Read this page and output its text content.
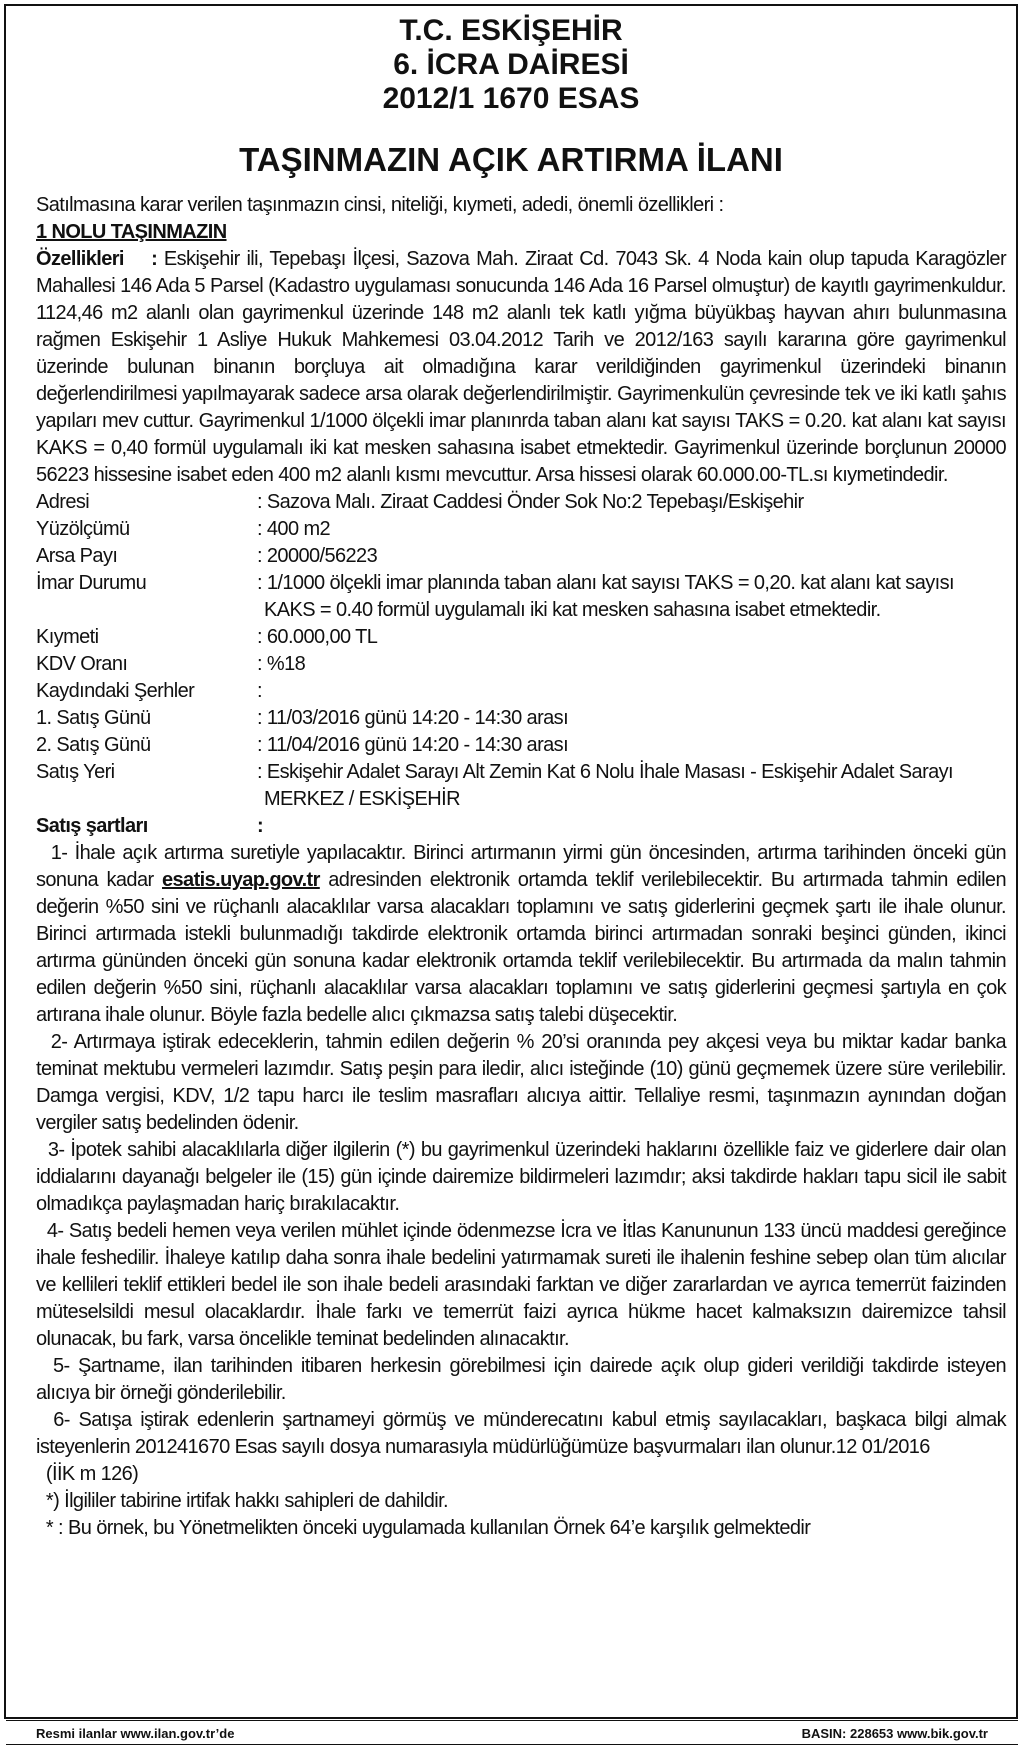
T.C. ESKİŞEHİR
6. İCRA DAİRESİ
2012/1 1670 ESAS
TAŞINMAZIN AÇIK ARTIRMA İLANI

Satılmasına karar verilen taşınmazın cinsi, niteliği, kıymeti, adedi, önemli özellikleri :

1 NOLU TAŞINMAZIN

Özellikleri : Eskişehir ili, Tepebaşı İlçesi, Sazova Mah. Ziraat Cd. 7043 Sk. 4 Noda kain olup tapuda Karagözler Mahallesi 146 Ada 5 Parsel (Kadastro uygulaması sonucunda 146 Ada 16 Parsel olmuştur) de kayıtlı gayrimenkuldur. 1124,46 m2 alanlı olan gayrimenkul üzerinde 148 m2 alanlı tek katlı yığma büyükbaş hayvan ahırı bulunmasına rağmen Eskişehir 1 Asliye Hukuk Mahkemesi 03.04.2012 Tarih ve 2012/163 sayılı kararına göre gayrimenkul üzerinde bulunan binanın borçluya ait olmadığına karar verildiğinden gayrimenkul üzerindeki binanın değerlendirilmesi yapılmayarak sadece arsa olarak değerlendirilmiştir. Gayrimenkulün çevresinde tek ve iki katlı şahıs yapıları mev cuttur. Gayrimenkul 1/1000 ölçekli imar planınrda taban alanı kat sayısı TAKS = 0.20. kat alanı kat sayısı KAKS = 0,40 formül uygulamalı iki kat mesken sahasına isabet etmektedir. Gayrimenkul üzerinde borçlunun 20000 56223 hissesine isabet eden 400 m2 alanlı kısmı mevcuttur. Arsa hissesi olarak 60.000.00-TL.sı kıymetindedir.

Adresi	: Sazova Malı. Ziraat Caddesi Önder Sok No:2 Tepebaşı/Eskişehir
Yüzölçümü	: 400 m2
Arsa Payı	: 20000/56223
İmar Durumu	: 1/1000 ölçekli imar planında taban alanı kat sayısı TAKS = 0,20. kat alanı kat sayısı KAKS = 0.40 formül uygulamalı iki kat mesken sahasına isabet etmektedir.
Kıymeti	: 60.000,00 TL
KDV Oranı	: %18
Kaydındaki Şerhler	:
1. Satış Günü	: 11/03/2016 günü 14:20 - 14:30 arası
2. Satış Günü	: 11/04/2016 günü 14:20 - 14:30 arası
Satış Yeri	: Eskişehir Adalet Sarayı Alt Zemin Kat 6 Nolu İhale Masası - Eskişehir Adalet Sarayı MERKEZ / ESKİŞEHİR
Satış şartları	:

1- İhale açık artırma suretiyle yapılacaktır. Birinci artırmanın yirmi gün öncesinden, artırma tarihinden önceki gün sonuna kadar esatis.uyap.gov.tr adresinden elektronik ortamda teklif verilebilecektir. Bu artırmada tahmin edilen değerin %50 sini ve rüçhanlı alacaklılar varsa alacakları toplamını ve satış giderlerini geçmek şartı ile ihale olunur. Birinci artırmada istekli bulunmadığı takdirde elektronik ortamda birinci artırmadan sonraki beşinci günden, ikinci artırma gününden önceki gün sonuna kadar elektronik ortamda teklif verilebilecektir. Bu artırmada da malın tahmin edilen değerin %50 sini, rüçhanlı alacaklılar varsa alacakları toplamını ve satış giderlerini geçmesi şartıyla en çok artırana ihale olunur. Böyle fazla bedelle alıcı çıkmazsa satış talebi düşecektir.

2- Artırmaya iştirak edeceklerin, tahmin edilen değerin % 20’si oranında pey akçesi veya bu miktar kadar banka teminat mektubu vermeleri lazımdır. Satış peşin para iledir, alıcı isteğinde (10) günü geçmemek üzere süre verilebilir. Damga vergisi, KDV, 1/2 tapu harcı ile teslim masrafları alıcıya aittir. Tellaliye resmi, taşınmazın aynından doğan vergiler satış bedelinden ödenir.

3- İpotek sahibi alacaklılarla diğer ilgilerin (*) bu gayrimenkul üzerindeki haklarını özellikle faiz ve giderlere dair olan iddialarını dayanağı belgeler ile (15) gün içinde dairemize bildirmeleri lazımdır; aksi takdirde hakları tapu sicil ile sabit olmadıkça paylaşmadan hariç bırakılacaktır.

4- Satış bedeli hemen veya verilen mühlet içinde ödenmezse İcra ve İtlas Kanununun 133 üncü maddesi gereğince ihale feshedilir. İhaleye katılıp daha sonra ihale bedelini yatırmamak sureti ile ihalenin feshine sebep olan tüm alıcılar ve kellileri teklif ettikleri bedel ile son ihale bedeli arasındaki farktan ve diğer zararlardan ve ayrıca temerrüt faizinden müteselsildi mesul olacaklardır. İhale farkı ve temerrüt faizi ayrıca hükme hacet kalmaksızın dairemizce tahsil olunacak, bu fark, varsa öncelikle teminat bedelinden alınacaktır.

5- Şartname, ilan tarihinden itibaren herkesin görebilmesi için dairede açık olup gideri verildiği takdirde isteyen alıcıya bir örneği gönderilebilir.

6- Satışa iştirak edenlerin şartnameyi görmüş ve münderecatını kabul etmiş sayılacakları, başkaca bilgi almak isteyenlerin 201241670 Esas sayılı dosya numarasıyla müdürlüğümüze başvurmaları ilan olunur.12 01/2016

(İİK m 126)

*) İlgililer tabirine irtifak hakkı sahipleri de dahildir.

* : Bu örnek, bu Yönetmelikten önceki uygulamada kullanılan Örnek 64’e karşılık gelmektedir

Resmi ilanlar www.ilan.gov.tr’de	BASIN: 228653 www.bik.gov.tr
